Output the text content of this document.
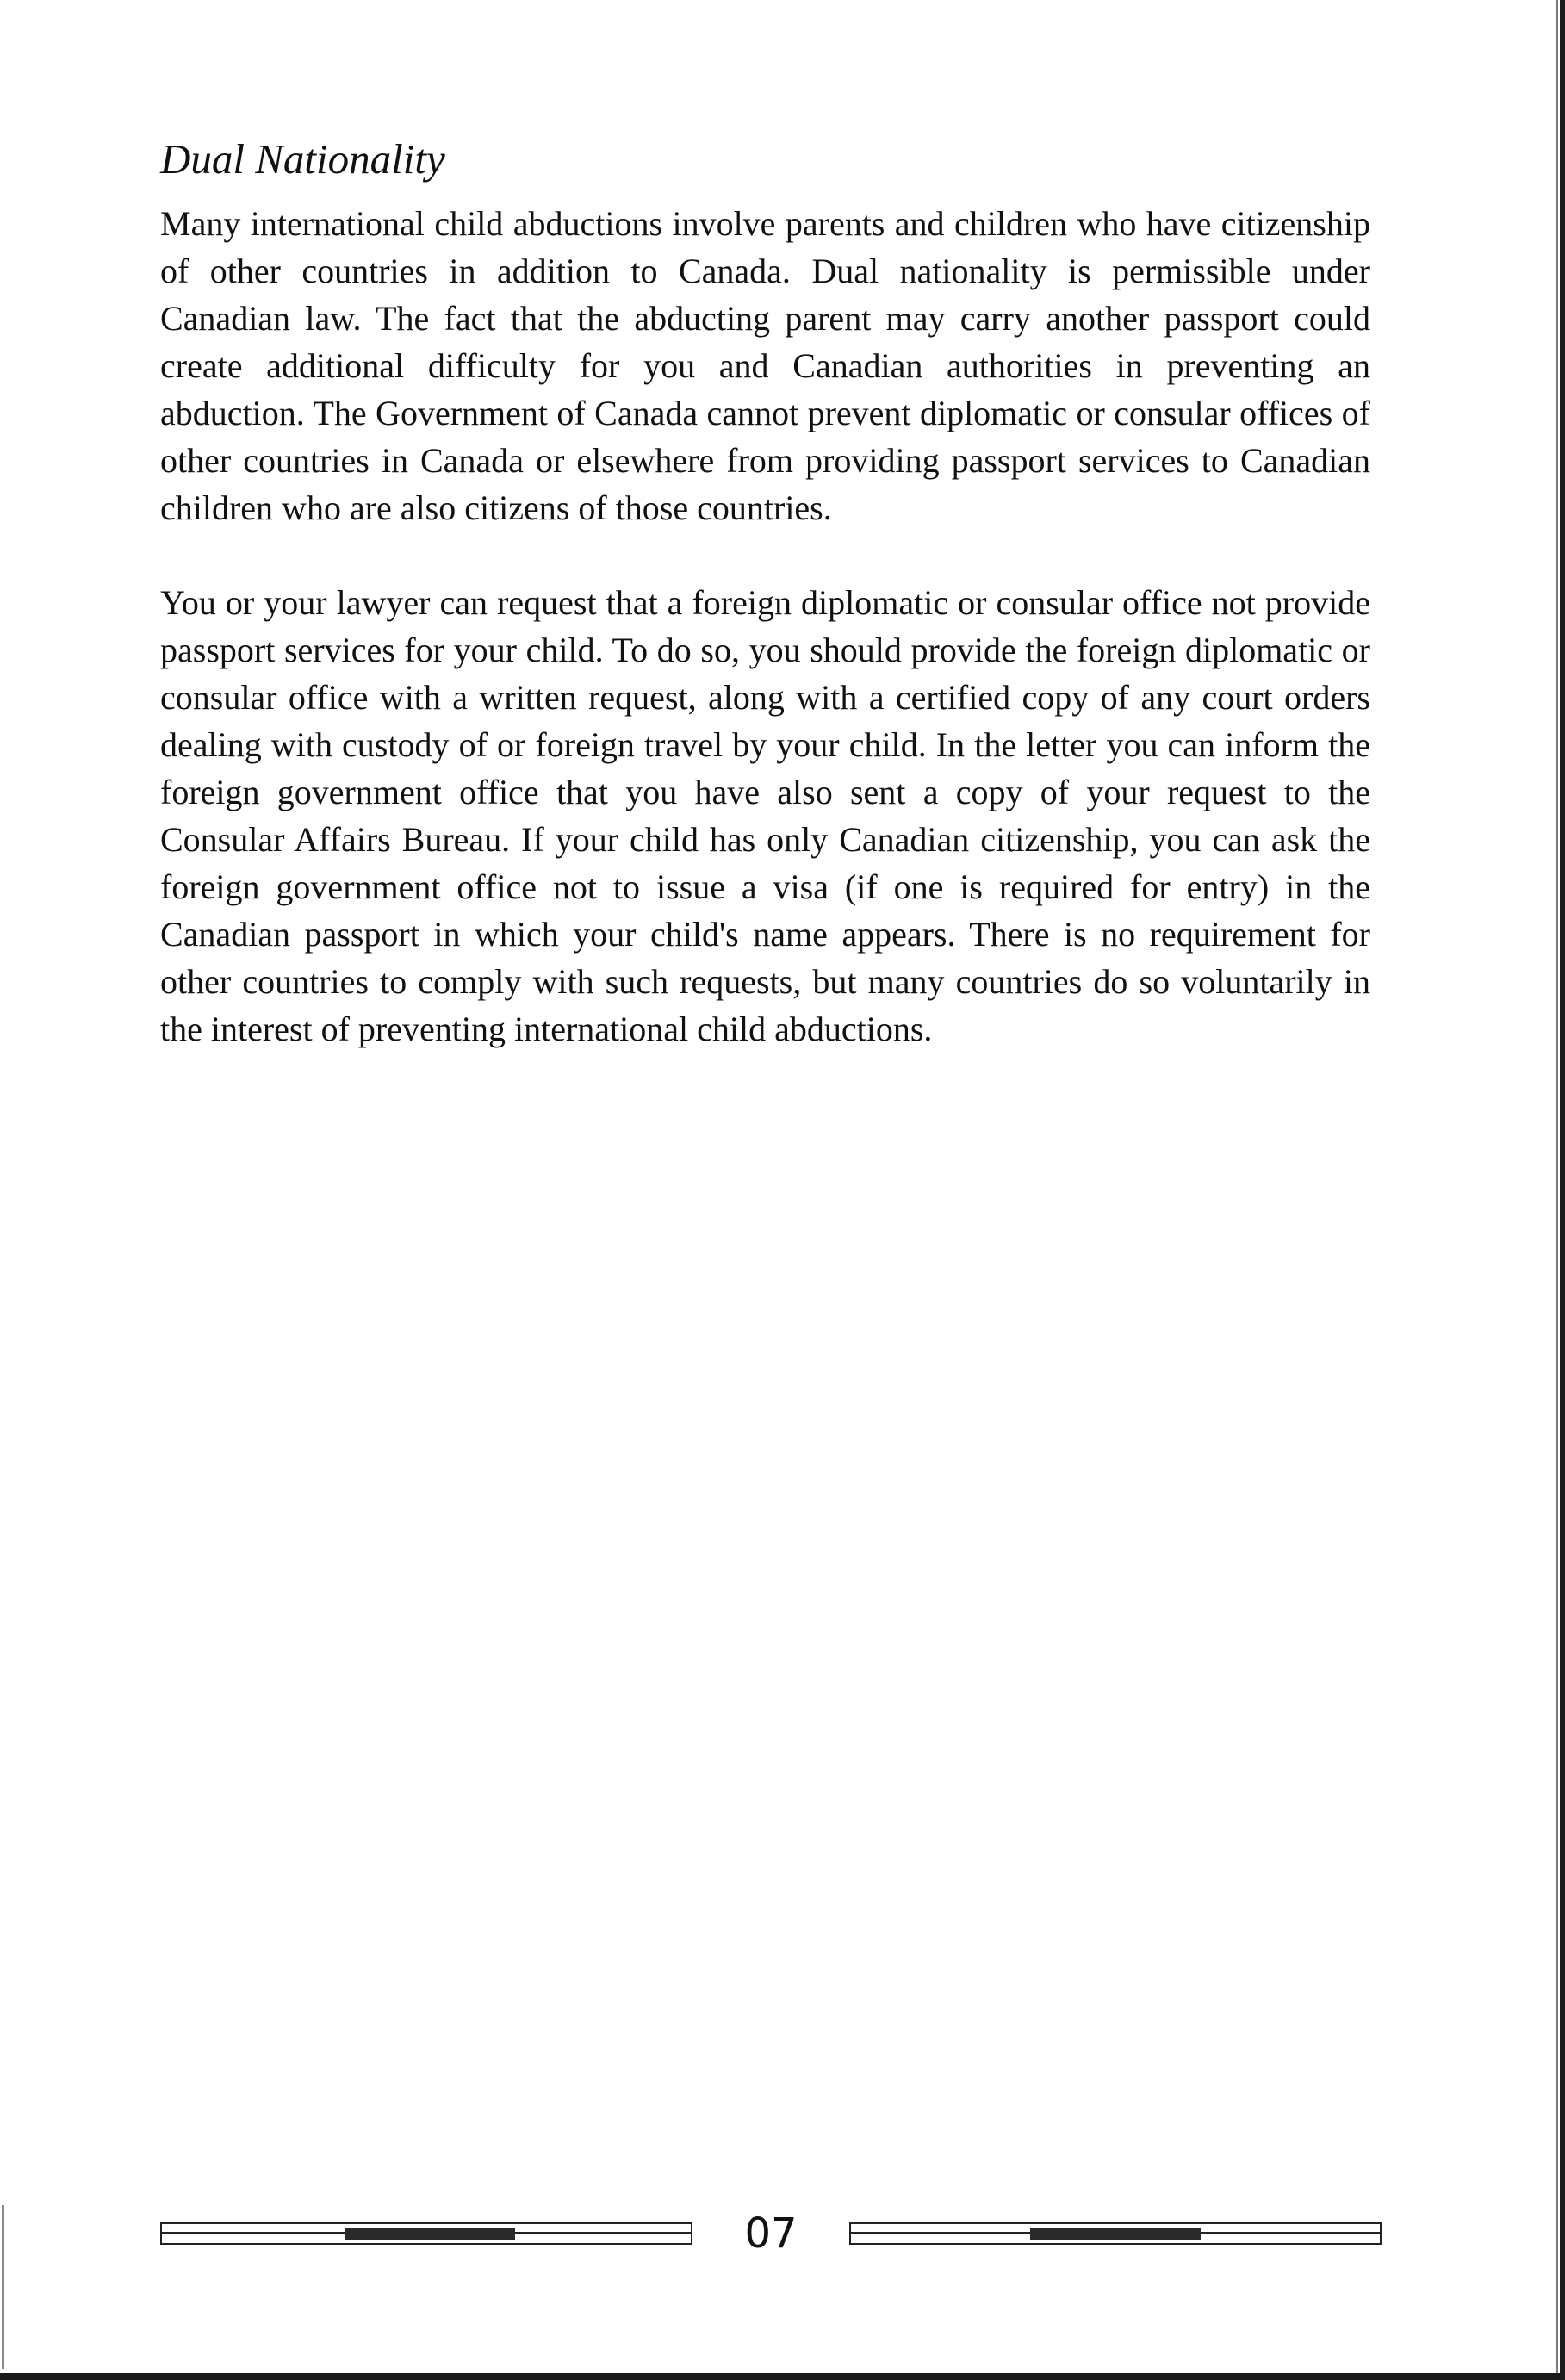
Dual Nationality

Many international child abductions involve parents and children who have citizenship of other countries in addition to Canada. Dual nationality is permissible under Canadian law. The fact that the abducting parent may carry another passport could create additional difficulty for you and Canadian authorities in preventing an abduction. The Government of Canada cannot prevent diplomatic or consular offices of other countries in Canada or elsewhere from providing passport services to Canadian children who are also citizens of those countries.

You or your lawyer can request that a foreign diplomatic or consular office not provide passport services for your child. To do so, you should provide the foreign diplomatic or consular office with a written request, along with a certified copy of any court orders dealing with custody of or foreign travel by your child. In the letter you can inform the foreign government office that you have also sent a copy of your request to the Consular Affairs Bureau. If your child has only Canadian citizenship, you can ask the foreign government office not to issue a visa (if one is required for entry) in the Canadian passport in which your child's name appears. There is no requirement for other countries to comply with such requests, but many countries do so voluntarily in the interest of preventing international child abductions.

07
